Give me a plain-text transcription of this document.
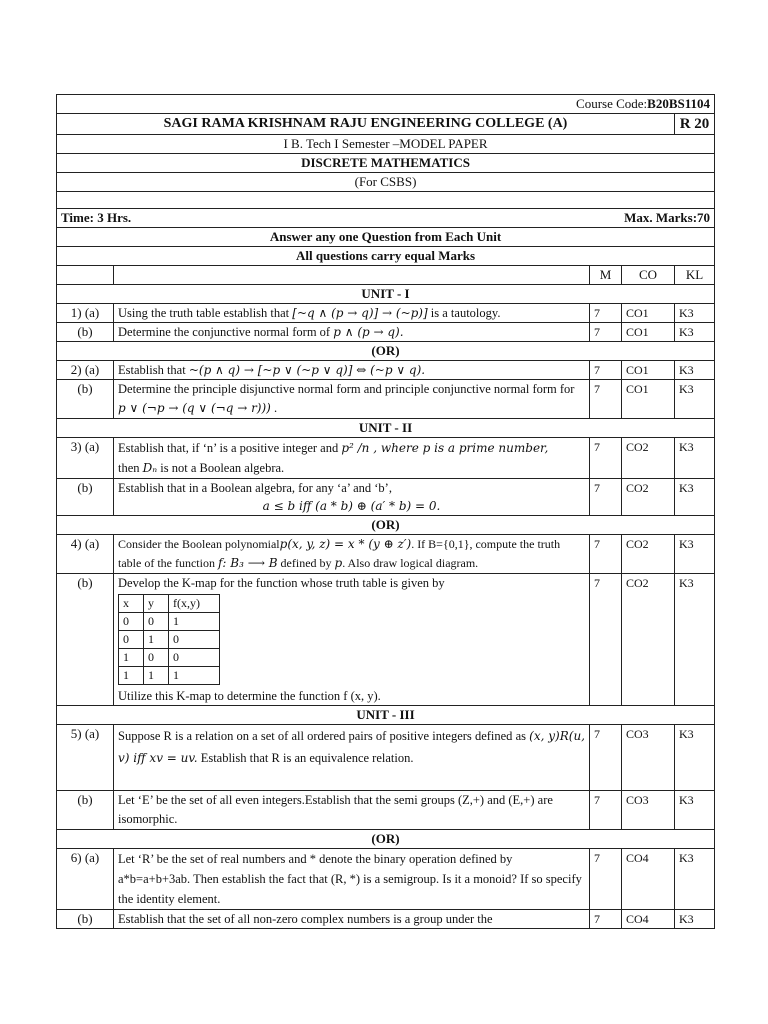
Course Code:B20BS1104
SAGI RAMA KRISHNAM RAJU ENGINEERING COLLEGE (A)	R 20
I B. Tech I Semester –MODEL PAPER
DISCRETE MATHEMATICS
(For CSBS)

Time: 3 Hrs.	Max. Marks:70

Answer any one Question from Each Unit
All questions carry equal Marks
		M	CO	KL
UNIT - I
1) (a)	Using the truth table establish that [~q ∧ (p → q)] → (~p)] is a tautology.	7	CO1	K3
(b)	Determine the conjunctive normal form of p ∧ (p → q).	7	CO1	K3
(OR)
2) (a)	Establish that ~(p ∧ q) → [~p ∨ (~p ∨ q)] ⇔ (~p ∨ q).	7	CO1	K3
(b)	Determine the principle disjunctive normal form and principle conjunctive normal form for p ∨ (¬p → (q ∨ (¬q → r))) .	7	CO1	K3
UNIT - II
3) (a)	Establish that, if ‘n’ is a positive integer and p² /n , where p is a prime number,
then Dₙ is not a Boolean algebra.	7	CO2	K3
(b)	Establish that in a Boolean algebra, for any ‘a’ and ‘b’,
a ≤ b iff (a * b) ⊕ (a′ * b) = 0.
	7	CO2	K3
(OR)
4) (a)	Consider the Boolean polynomialp(x, y, z) = x * (y ⊕ z′). If B={0,1}, compute the truth table of the function f: B₃ ⟶ B defined by p. Also draw logical diagram.	7	CO2	K3
(b)	Develop the K-map for the function whose truth table is given by
x	y	f(x,y)
0	0	1
0	1	0
1	0	0
1	1	1
Utilize this K-map to determine the function f (x, y).	7	CO2	K3
UNIT - III
5) (a)	Suppose R is a relation on a set of all ordered pairs of positive integers defined as (x, y)R(u, v) iff xv = uv. Establish that R is an equivalence relation.	7	CO3	K3
(b)	Let ‘E’ be the set of all even integers.Establish that the semi groups (Z,+) and (E,+) are isomorphic.	7	CO3	K3
(OR)
6) (a)	Let ‘R’ be the set of real numbers and * denote the binary operation defined by a*b=a+b+3ab. Then establish the fact that (R, *) is a semigroup. Is it a monoid? If so specify the identity element.	7	CO4	K3
(b)	Establish that the set of all non-zero complex numbers is a group under the	7	CO4	K3
